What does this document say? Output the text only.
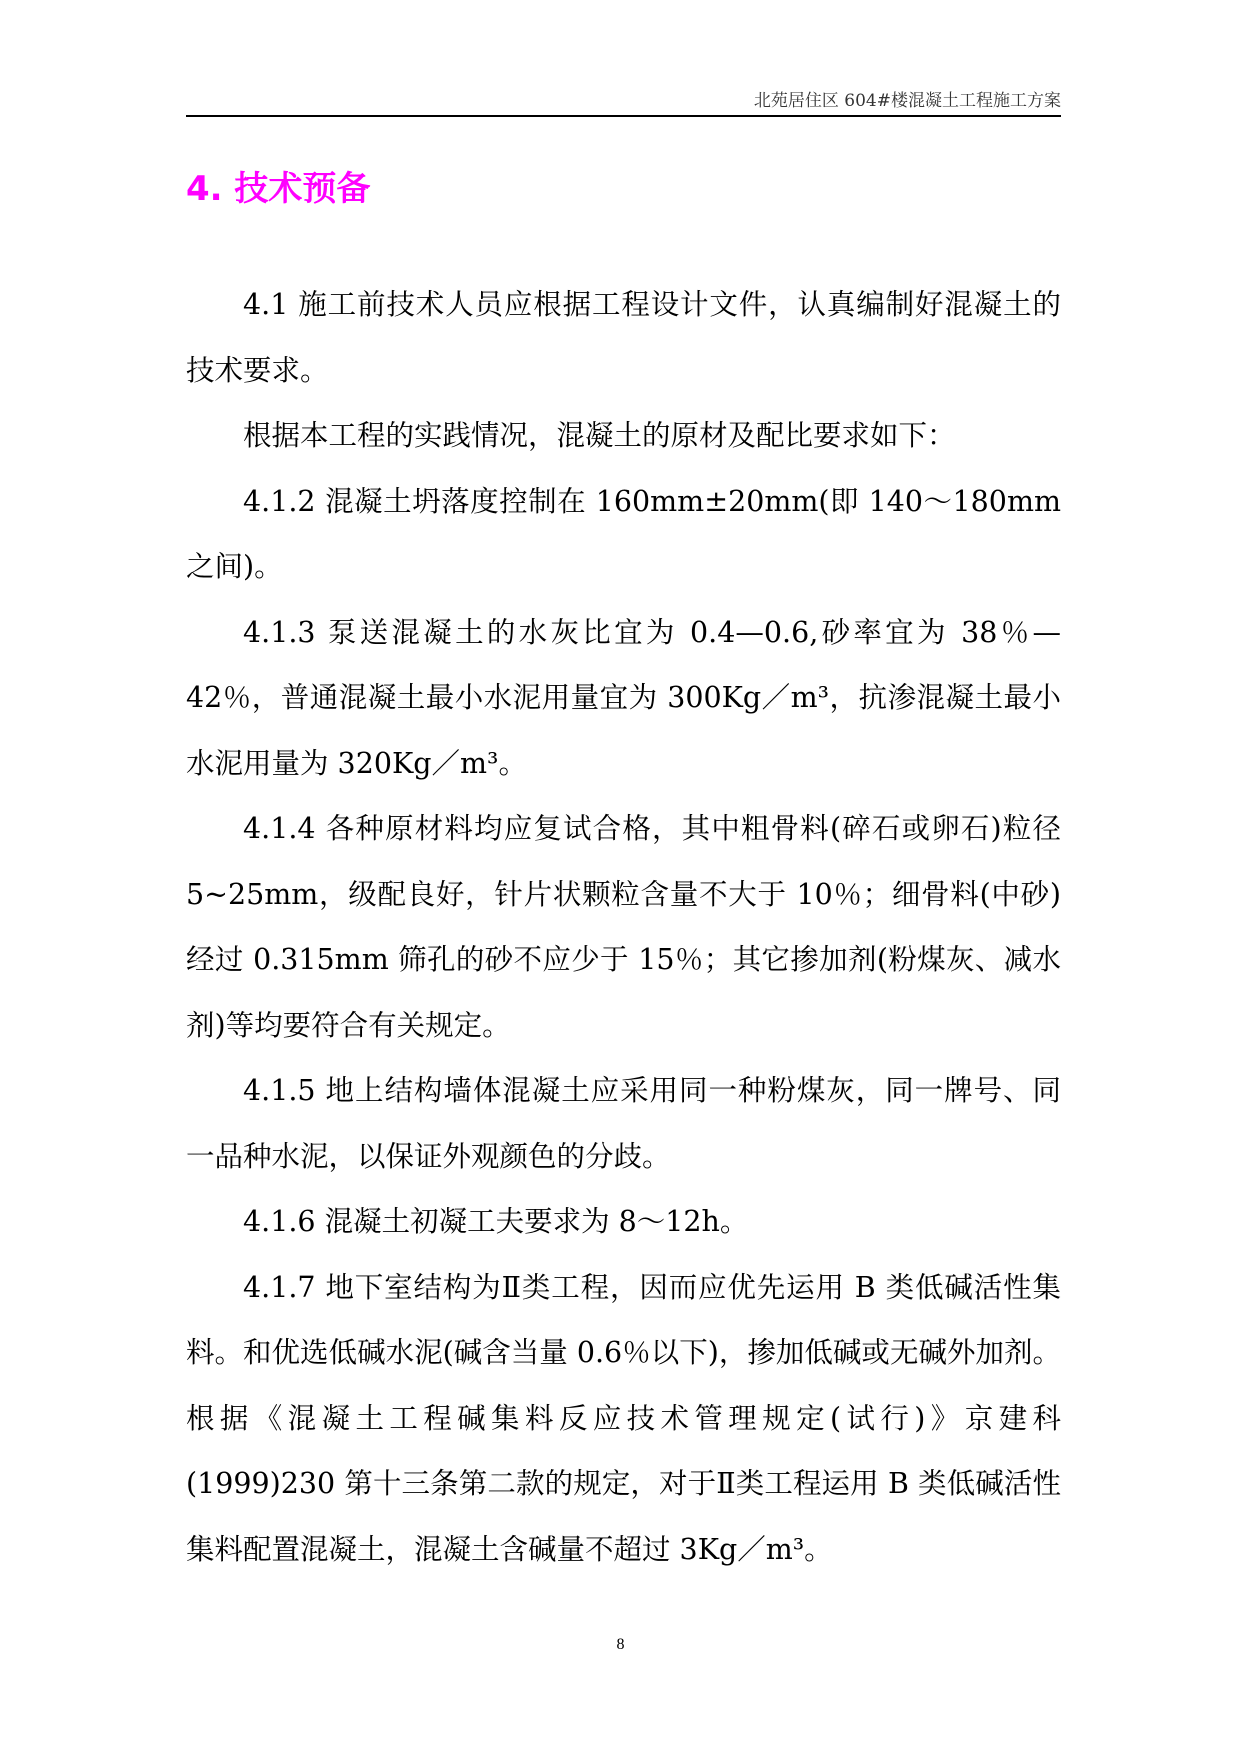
北苑居住区 604#楼混凝土工程施工方案
4. 技术预备

4.1 施工前技术人员应根据工程设计文件，认真编制好混凝土的技术要求。

根据本工程的实践情况，混凝土的原材及配比要求如下：

4.1.2 混凝土坍落度控制在 160mm±20mm(即 140～180mm 之间)。

4.1.3 泵送混凝土的水灰比宜为 0.4—0.6,砂率宜为 38％—42％，普通混凝土最小水泥用量宜为 300Kg／m³，抗渗混凝土最小水泥用量为 320Kg／m³。

4.1.4 各种原材料均应复试合格，其中粗骨料(碎石或卵石)粒径 5~25mm，级配良好，针片状颗粒含量不大于 10％；细骨料(中砂)经过 0.315mm 筛孔的砂不应少于 15％；其它掺加剂(粉煤灰、减水剂)等均要符合有关规定。

4.1.5 地上结构墙体混凝土应采用同一种粉煤灰，同一牌号、同一品种水泥，以保证外观颜色的分歧。

4.1.6 混凝土初凝工夫要求为 8～12h。

4.1.7 地下室结构为Ⅱ类工程，因而应优先运用 B 类低碱活性集料。和优选低碱水泥(碱含当量 0.6％以下)，掺加低碱或无碱外加剂。根据《混凝土工程碱集料反应技术管理规定(试行)》京建科(1999)230 第十三条第二款的规定，对于Ⅱ类工程运用 B 类低碱活性集料配置混凝土，混凝土含碱量不超过 3Kg／m³。

8
